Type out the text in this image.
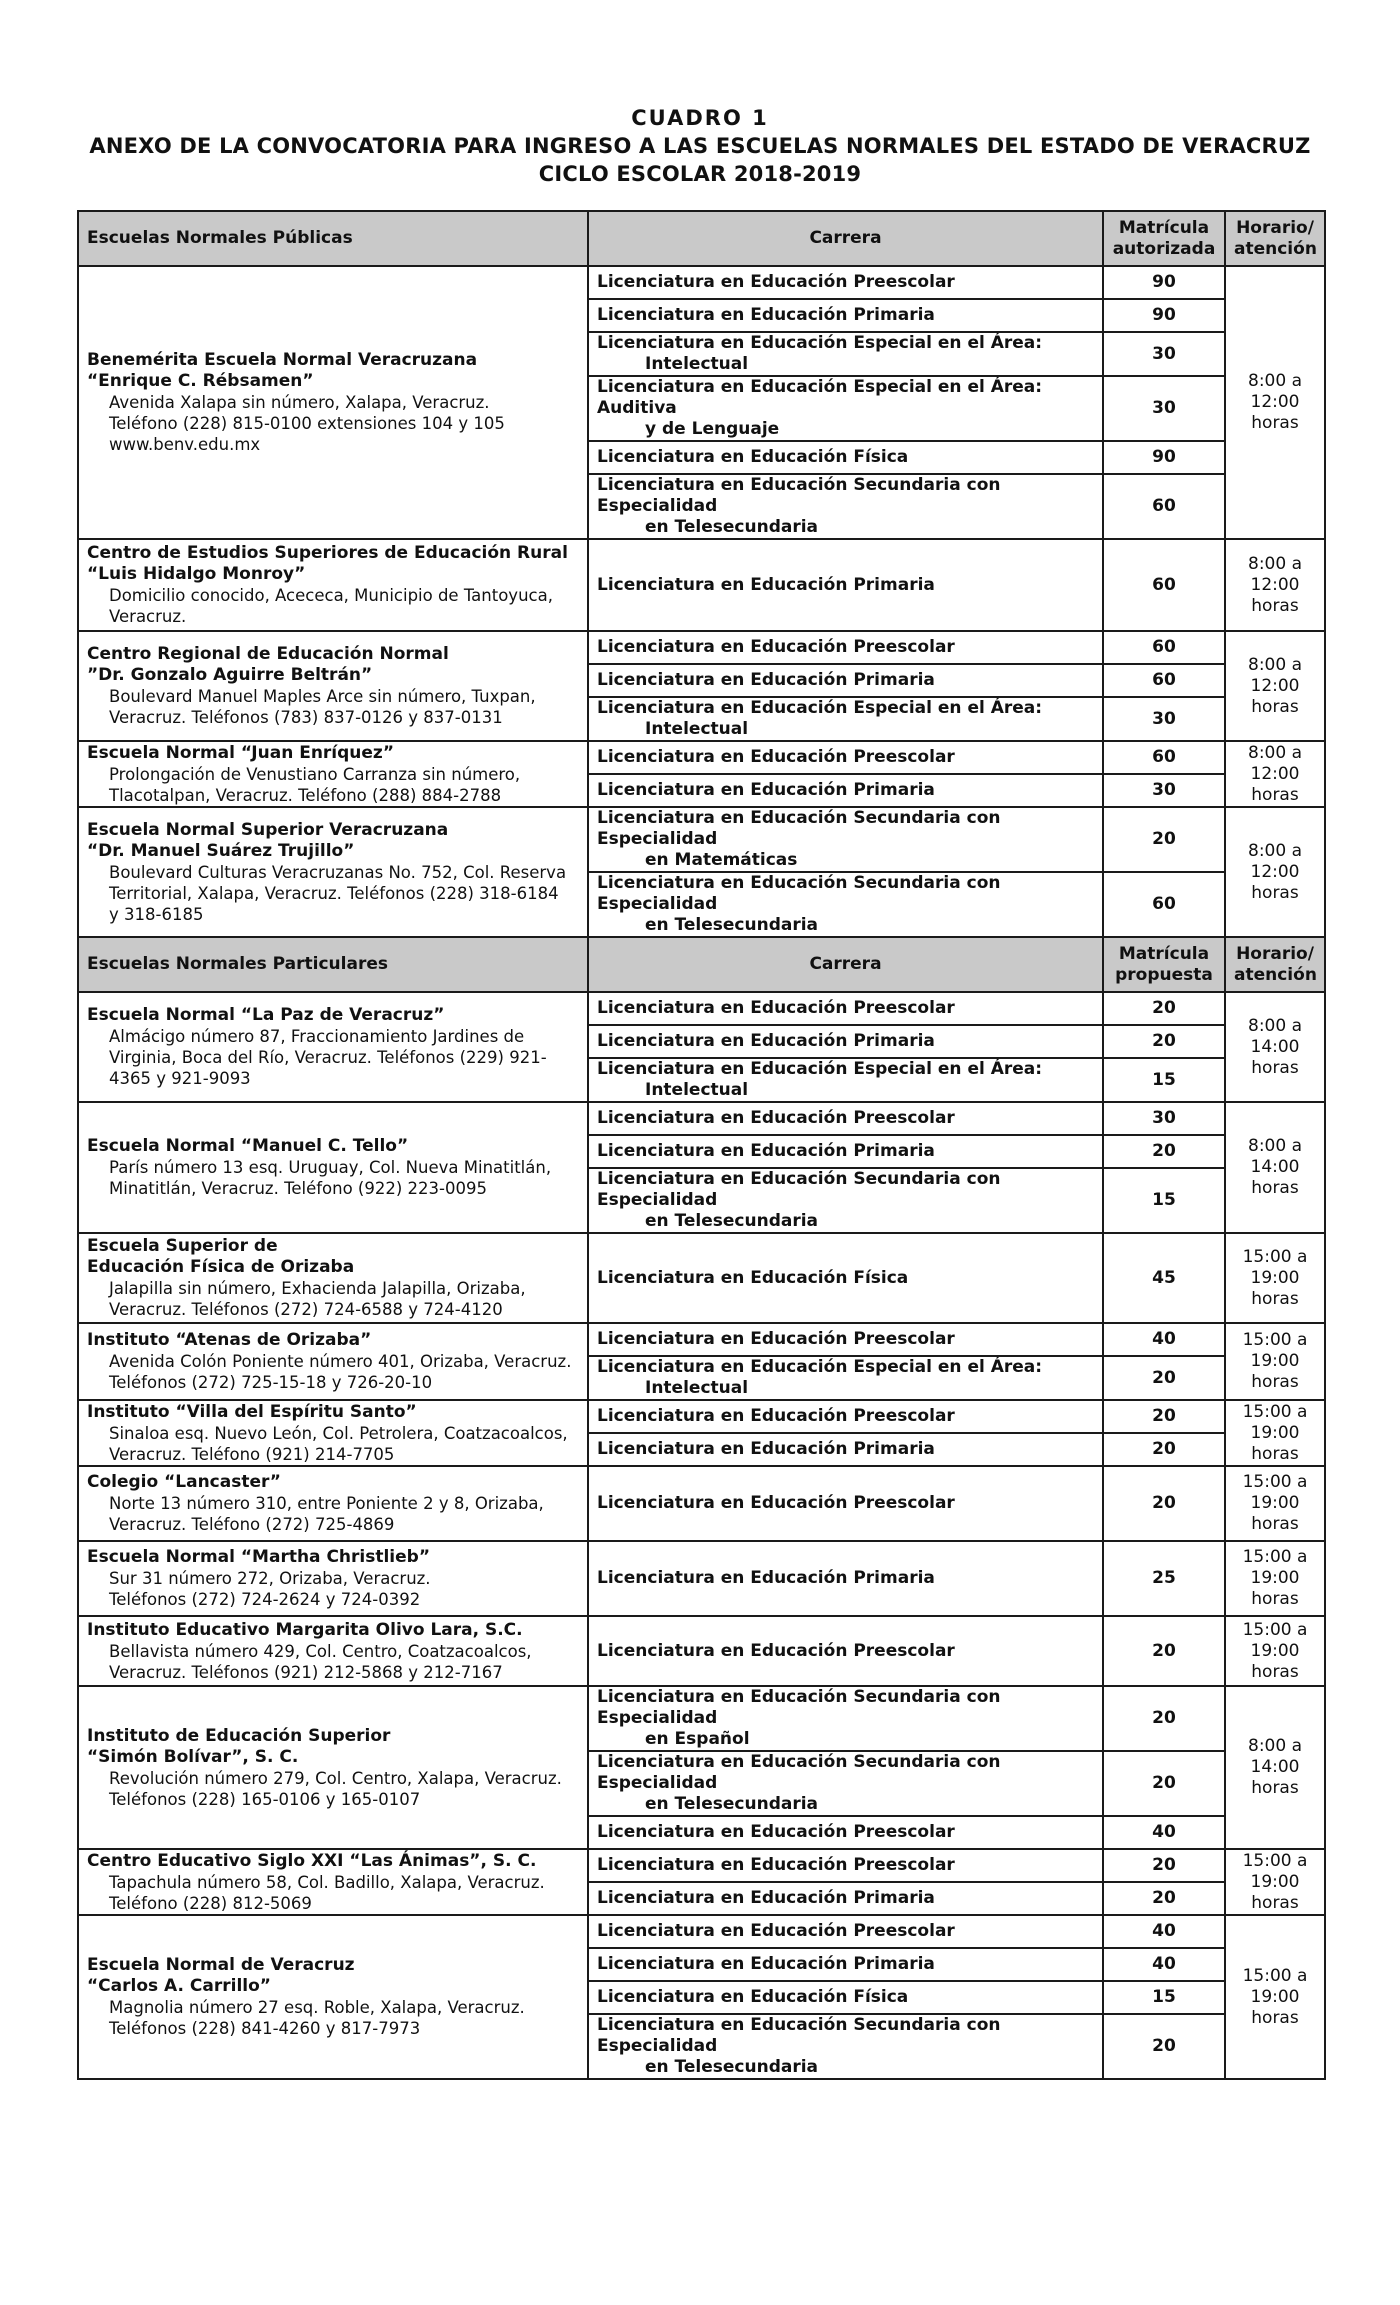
CUADRO 1
ANEXO DE LA CONVOCATORIA PARA INGRESO A LAS ESCUELAS NORMALES DEL ESTADO DE VERACRUZ
CICLO ESCOLAR 2018-2019
Escuelas Normales Públicas	Carrera	Matrícula autorizada	Horario/ atención

Benemérita Escuela Normal Veracruzana
“Enrique C. Rébsamen”
Avenida Xalapa sin número, Xalapa, Veracruz.
Teléfono (228) 815-0100 extensiones 104 y 105
www.benv.edu.mx	Licenciatura en Educación Preescolar	90	8:00 a
12:00
horas

	Licenciatura en Educación Primaria	90	

	Licenciatura en Educación Especial en el Área:
Intelectual	30	

	Licenciatura en Educación Especial en el Área: Auditiva
y de Lenguaje	30	

	Licenciatura en Educación Física	90	

	Licenciatura en Educación Secundaria con Especialidad
en Telesecundaria	60	

Centro de Estudios Superiores de Educación Rural
“Luis Hidalgo Monroy”
Domicilio conocido, Acececa, Municipio de Tantoyuca,
Veracruz.	Licenciatura en Educación Primaria	60	8:00 a
12:00
horas

Centro Regional de Educación Normal
”Dr. Gonzalo Aguirre Beltrán”
Boulevard Manuel Maples Arce sin número, Tuxpan,
Veracruz. Teléfonos (783) 837-0126 y 837-0131	Licenciatura en Educación Preescolar	60	8:00 a
12:00
horas

	Licenciatura en Educación Primaria	60	

	Licenciatura en Educación Especial en el Área:
Intelectual	30	

Escuela Normal “Juan Enríquez”
Prolongación de Venustiano Carranza sin número,
Tlacotalpan, Veracruz. Teléfono (288) 884-2788	Licenciatura en Educación Preescolar	60	8:00 a
12:00
horas

	Licenciatura en Educación Primaria	30	

Escuela Normal Superior Veracruzana
“Dr. Manuel Suárez Trujillo”
Boulevard Culturas Veracruzanas No. 752, Col. Reserva
Territorial, Xalapa, Veracruz. Teléfonos (228) 318-6184
y 318-6185	Licenciatura en Educación Secundaria con Especialidad
en Matemáticas	20	8:00 a
12:00
horas

	Licenciatura en Educación Secundaria con Especialidad
en Telesecundaria	60	
Escuelas Normales Particulares	Carrera	Matrícula propuesta	Horario/ atención

Escuela Normal “La Paz de Veracruz”
Almácigo número 87, Fraccionamiento Jardines de
Virginia, Boca del Río, Veracruz. Teléfonos (229) 921-
4365 y 921-9093	Licenciatura en Educación Preescolar	20	8:00 a
14:00
horas

	Licenciatura en Educación Primaria	20	

	Licenciatura en Educación Especial en el Área:
Intelectual	15	

Escuela Normal “Manuel C. Tello”
París número 13 esq. Uruguay, Col. Nueva Minatitlán,
Minatitlán, Veracruz. Teléfono (922) 223-0095	Licenciatura en Educación Preescolar	30	8:00 a
14:00
horas

	Licenciatura en Educación Primaria	20	

	Licenciatura en Educación Secundaria con Especialidad
en Telesecundaria	15	

Escuela Superior de
Educación Física de Orizaba
Jalapilla sin número, Exhacienda Jalapilla, Orizaba,
Veracruz. Teléfonos (272) 724-6588 y 724-4120	Licenciatura en Educación Física	45	15:00 a
19:00
horas

Instituto “Atenas de Orizaba”
Avenida Colón Poniente número 401, Orizaba, Veracruz.
Teléfonos (272) 725-15-18 y 726-20-10	Licenciatura en Educación Preescolar	40	15:00 a
19:00
horas

	Licenciatura en Educación Especial en el Área:
Intelectual	20	

Instituto “Villa del Espíritu Santo”
Sinaloa esq. Nuevo León, Col. Petrolera, Coatzacoalcos,
Veracruz. Teléfono (921) 214-7705	Licenciatura en Educación Preescolar	20	15:00 a
19:00
horas

	Licenciatura en Educación Primaria	20	

Colegio “Lancaster”
Norte 13 número 310, entre Poniente 2 y 8, Orizaba,
Veracruz. Teléfono (272) 725-4869	Licenciatura en Educación Preescolar	20	15:00 a
19:00
horas

Escuela Normal “Martha Christlieb”
Sur 31 número 272, Orizaba, Veracruz.
Teléfonos (272) 724-2624 y 724-0392	Licenciatura en Educación Primaria	25	15:00 a
19:00
horas

Instituto Educativo Margarita Olivo Lara, S.C.
Bellavista número 429, Col. Centro, Coatzacoalcos,
Veracruz. Teléfonos (921) 212-5868 y 212-7167	Licenciatura en Educación Preescolar	20	15:00 a
19:00
horas

Instituto de Educación Superior
“Simón Bolívar”, S. C.
Revolución número 279, Col. Centro, Xalapa, Veracruz.
Teléfonos (228) 165-0106 y 165-0107	Licenciatura en Educación Secundaria con Especialidad
en Español	20	8:00 a
14:00
horas

	Licenciatura en Educación Secundaria con Especialidad
en Telesecundaria	20	

	Licenciatura en Educación Preescolar	40	

Centro Educativo Siglo XXI “Las Ánimas”, S. C.
Tapachula número 58, Col. Badillo, Xalapa, Veracruz.
Teléfono (228) 812-5069	Licenciatura en Educación Preescolar	20	15:00 a
19:00
horas

	Licenciatura en Educación Primaria	20	

Escuela Normal de Veracruz
“Carlos A. Carrillo”
Magnolia número 27 esq. Roble, Xalapa, Veracruz.
Teléfonos (228) 841-4260 y 817-7973	Licenciatura en Educación Preescolar	40	15:00 a
19:00
horas

	Licenciatura en Educación Primaria	40	

	Licenciatura en Educación Física	15	

	Licenciatura en Educación Secundaria con Especialidad
en Telesecundaria	20	
